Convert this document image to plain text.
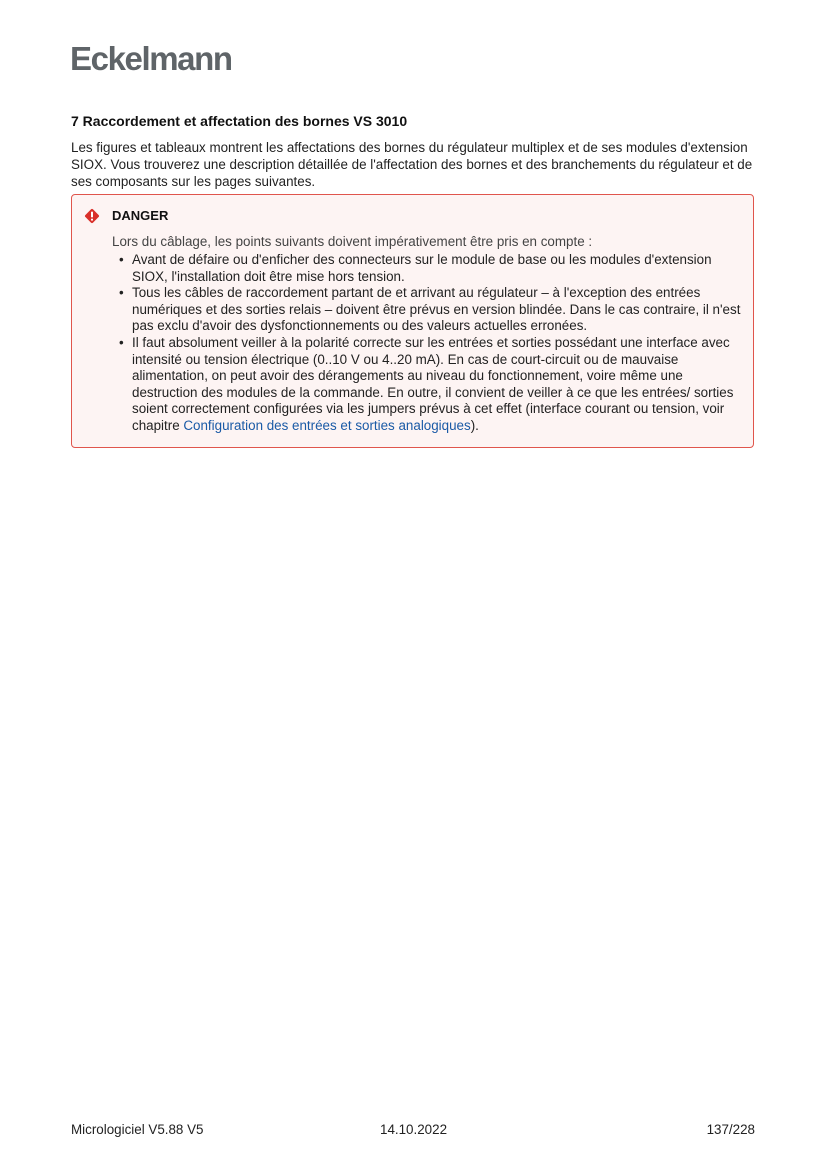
Eckelmann
7 Raccordement et affectation des bornes VS 3010
Les figures et tableaux montrent les affectations des bornes du régulateur multiplex et de ses modules d'extension SIOX. Vous trouverez une description détaillée de l'affectation des bornes et des branchements du régulateur et de ses composants sur les pages suivantes.
DANGER
Lors du câblage, les points suivants doivent impérativement être pris en compte :
• Avant de défaire ou d'enficher des connecteurs sur le module de base ou les modules d'extension SIOX, l'installation doit être mise hors tension.
• Tous les câbles de raccordement partant de et arrivant au régulateur – à l'exception des entrées numériques et des sorties relais – doivent être prévus en version blindée. Dans le cas contraire, il n'est pas exclu d'avoir des dysfonctionnements ou des valeurs actuelles erronées.
• Il faut absolument veiller à la polarité correcte sur les entrées et sorties possédant une interface avec intensité ou tension électrique (0..10 V ou 4..20 mA). En cas de court-circuit ou de mauvaise alimentation, on peut avoir des dérangements au niveau du fonctionnement, voire même une destruction des modules de la commande. En outre, il convient de veiller à ce que les entrées/ sorties soient correctement configurées via les jumpers prévus à cet effet (interface courant ou tension, voir chapitre Configuration des entrées et sorties analogiques).
Micrologiciel V5.88 V5	14.10.2022	137/228
